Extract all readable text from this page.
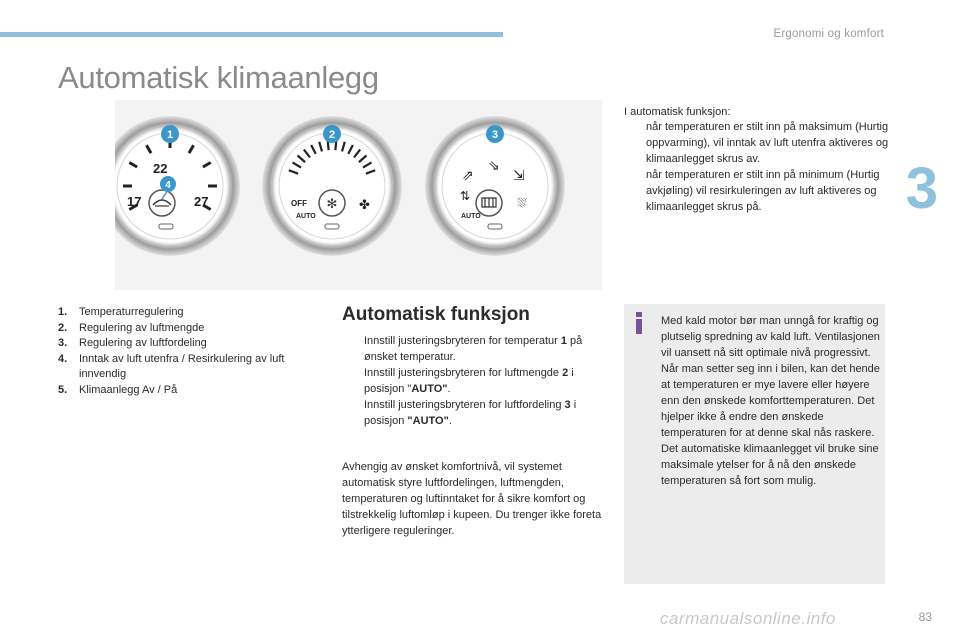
Ergonomi og komfort
3
Automatisk klimaanlegg
22
17	27	✻
OFF
AUTO
✤
⇗
⇘
⇲
⇅
AUTO
⛆
1
4
2	3
1.	Temperaturregulering
2.	Regulering av luftmengde
3.	Regulering av luftfordeling
4.	Inntak av luft utenfra / Resirkulering av luft innvendig
5.	Klimaanlegg Av / På
Automatisk funksjon
Innstill justeringsbryteren for temperatur 1 på ønsket temperatur.
Innstill justeringsbryteren for luftmengde 2 i posisjon "AUTO".
Innstill justeringsbryteren for luftfordeling 3 i posisjon "AUTO".

Avhengig av ønsket komfortnivå, vil systemet automatisk styre luftfordelingen, luftmengden, temperaturen og luftinntaket for å sikre komfort og tilstrekkelig luftomløp i kupeen. Du trenger ikke foreta ytterligere reguleringer.

I automatisk funksjon:
når temperaturen er stilt inn på maksimum (Hurtig oppvarming), vil inntak av luft utenfra aktiveres og klimaanlegget skrus av.
når temperaturen er stilt inn på minimum (Hurtig avkjøling) vil resirkuleringen av luft aktiveres og klimaanlegget skrus på.
Med kald motor bør man unngå for kraftig og plutselig spredning av kald luft. Ventilasjonen vil uansett nå sitt optimale nivå progressivt.
Når man setter seg inn i bilen, kan det hende at temperaturen er mye lavere eller høyere enn den ønskede komforttemperaturen. Det hjelper ikke å endre den ønskede temperaturen for at denne skal nås raskere.
Det automatiske klimaanlegget vil bruke sine maksimale ytelser for å nå den ønskede temperaturen så fort som mulig.
carmanualsonline.info	83
